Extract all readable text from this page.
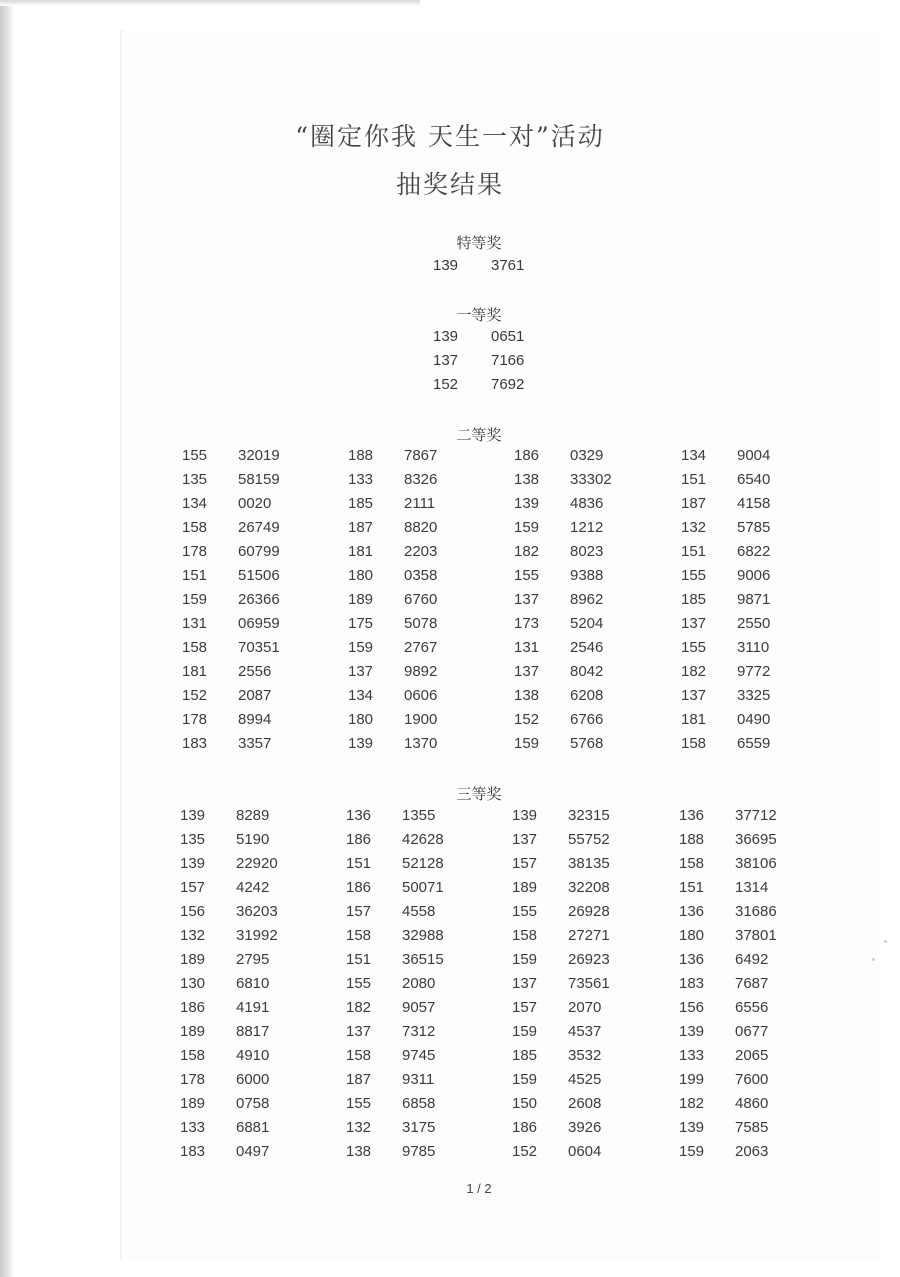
“圈定你我 天生一对”活动
抽奖结果
特等奖
139 3761
一等奖
139 0651
137 7166
152 7692
二等奖
155 32019	188 7867	186 0329	134 9004
135 58159	133 8326	138 33302	151 6540
134 0020	185 2111	139 4836	187 4158
158 26749	187 8820	159 1212	132 5785
178 60799	181 2203	182 8023	151 6822
151 51506	180 0358	155 9388	155 9006
159 26366	189 6760	137 8962	185 9871
131 06959	175 5078	173 5204	137 2550
158 70351	159 2767	131 2546	155 3110
181 2556	137 9892	137 8042	182 9772
152 2087	134 0606	138 6208	137 3325
178 8994	180 1900	152 6766	181 0490
183 3357	139 1370	159 5768	158 6559
三等奖
139 8289	136 1355	139 32315	136 37712
135 5190	186 42628	137 55752	188 36695
139 22920	151 52128	157 38135	158 38106
157 4242	186 50071	189 32208	151 1314
156 36203	157 4558	155 26928	136 31686
132 31992	158 32988	158 27271	180 37801
189 2795	151 36515	159 26923	136 6492
130 6810	155 2080	137 73561	183 7687
186 4191	182 9057	157 2070	156 6556
189 8817	137 7312	159 4537	139 0677
158 4910	158 9745	185 3532	133 2065
178 6000	187 9311	159 4525	199 7600
189 0758	155 6858	150 2608	182 4860
133 6881	132 3175	186 3926	139 7585
183 0497	138 9785	152 0604	159 2063
1 / 2
